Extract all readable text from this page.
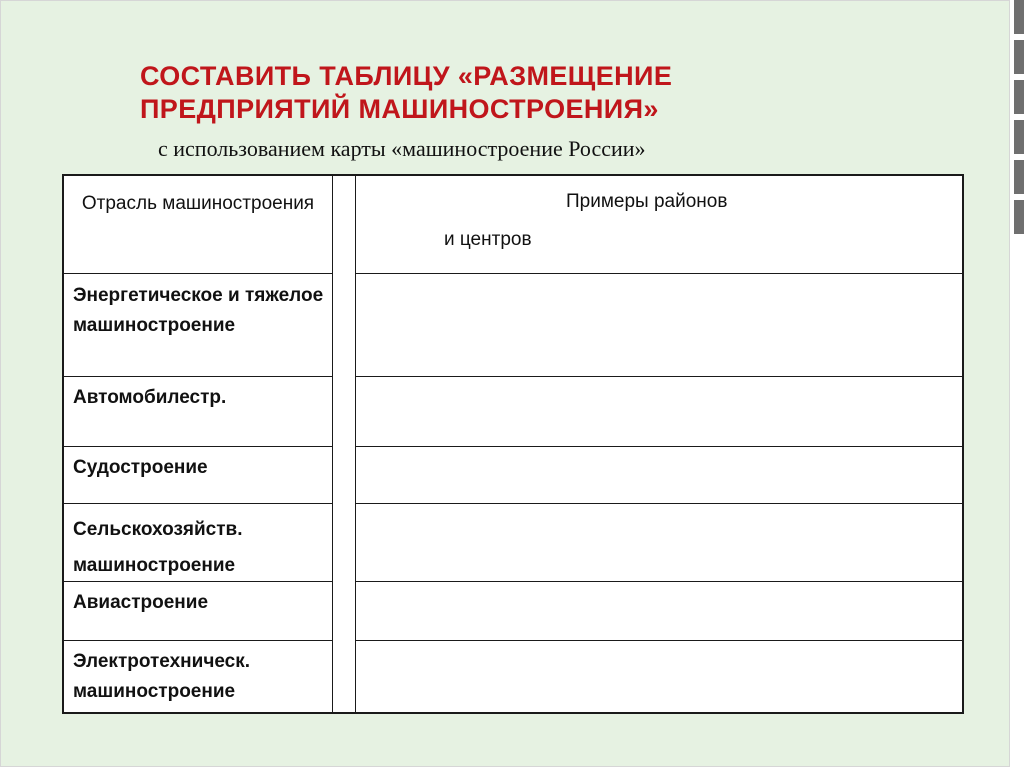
СОСТАВИТЬ ТАБЛИЦУ «РАЗМЕЩЕНИЕ
ПРЕДПРИЯТИЙ МАШИНОСТРОЕНИЯ»
с использованием карты «машиностроение России»
Отрасль машиностроения	Примеры районов
и центров
Энергетическое и тяжелое машиностроение
Автомобилестр.
Судостроение
Сельскохозяйств. машиностроение
Авиастроение
Электротехническ. машиностроение
